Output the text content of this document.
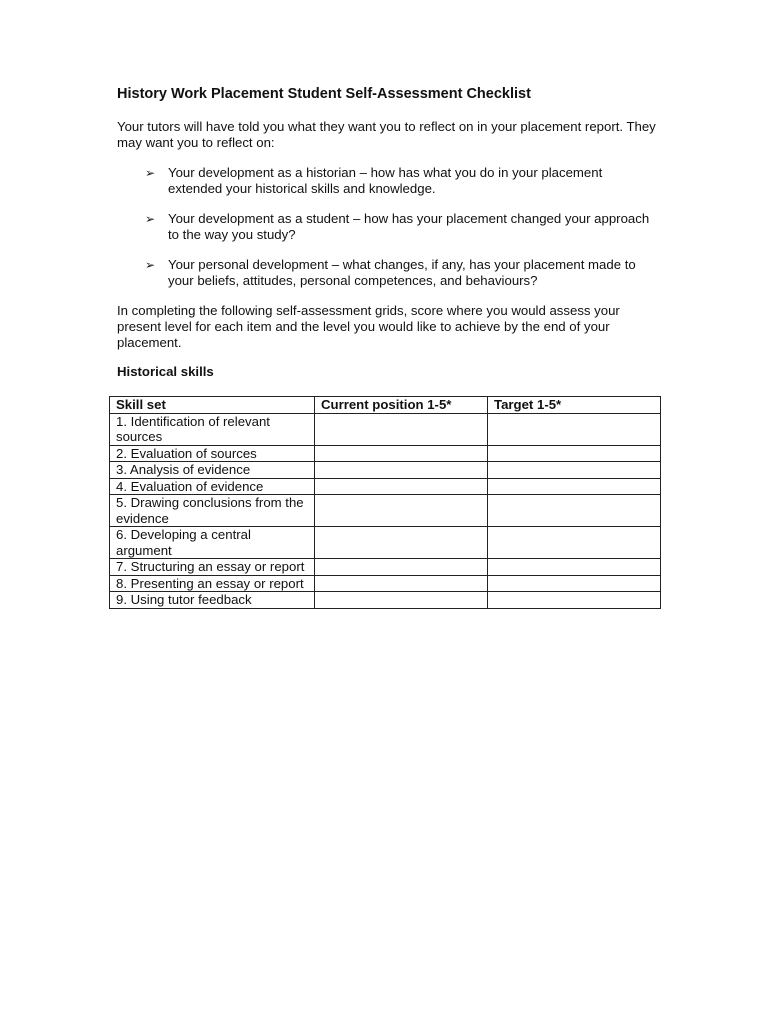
History Work Placement Student Self-Assessment Checklist

Your tutors will have told you what they want you to reflect on in your placement report. They may want you to reflect on:

➢ Your development as a historian – how has what you do in your placement extended your historical skills and knowledge.
➢ Your development as a student – how has your placement changed your approach to the way you study?
➢ Your personal development – what changes, if any, has your placement made to your beliefs, attitudes, personal competences, and behaviours?

In completing the following self-assessment grids, score where you would assess your present level for each item and the level you would like to achieve by the end of your placement.

Historical skills
Skill set	Current position 1-5*	Target 1-5*
1. Identification of relevant sources		
2. Evaluation of sources		
3. Analysis of evidence		
4. Evaluation of evidence		
5. Drawing conclusions from the evidence		
6. Developing a central argument		
7. Structuring an essay or report		
8. Presenting an essay or report		
9. Using tutor feedback		
